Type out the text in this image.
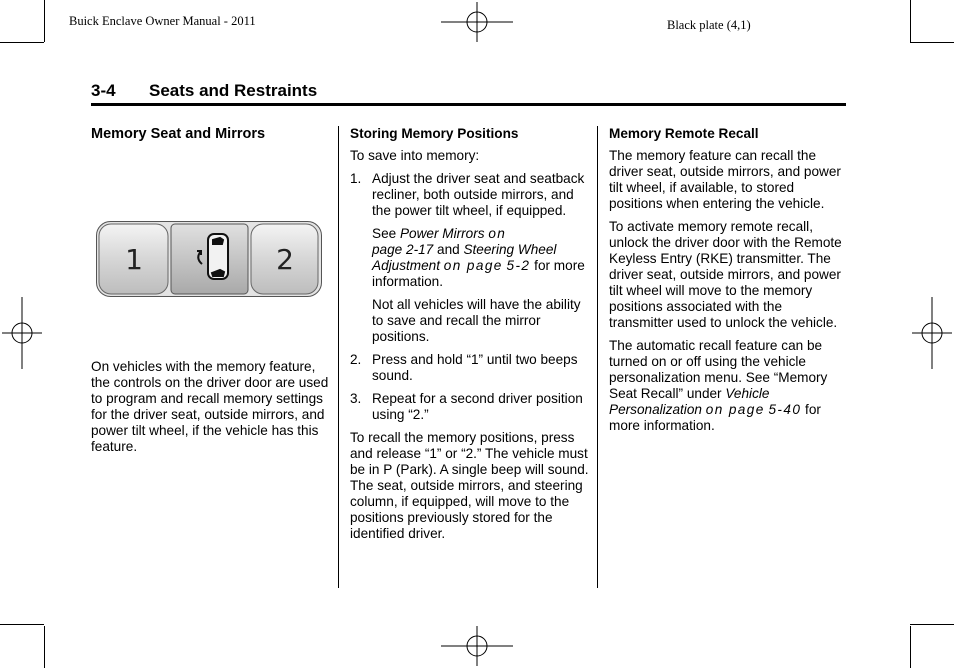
Buick Enclave Owner Manual - 2011	Black plate (4,1)
3-4 Seats and Restraints
Memory Seat and Mirrors
1	2

On vehicles with the memory feature, the controls on the driver door are used to program and recall memory settings for the driver seat, outside mirrors, and power tilt wheel, if the vehicle has this feature.

Storing Memory Positions

To save into memory:

1. Adjust the driver seat and seatback recliner, both outside mirrors, and the power tilt wheel, if equipped.

See Power Mirrors on
page 2-17 and Steering Wheel Adjustment on page 5-2 for more information.

Not all vehicles will have the ability to save and recall the mirror positions.

2. Press and hold “1” until two beeps sound.
3. Repeat for a second driver position using “2.”

To recall the memory positions, press and release “1” or “2.” The vehicle must be in P (Park). A single beep will sound. The seat, outside mirrors, and steering column, if equipped, will move to the positions previously stored for the identified driver.

Memory Remote Recall

The memory feature can recall the driver seat, outside mirrors, and power tilt wheel, if available, to stored positions when entering the vehicle.

To activate memory remote recall, unlock the driver door with the Remote Keyless Entry (RKE) transmitter. The driver seat, outside mirrors, and power tilt wheel will move to the memory positions associated with the transmitter used to unlock the vehicle.

The automatic recall feature can be turned on or off using the vehicle personalization menu. See “Memory Seat Recall” under Vehicle Personalization on page 5-40 for more information.
